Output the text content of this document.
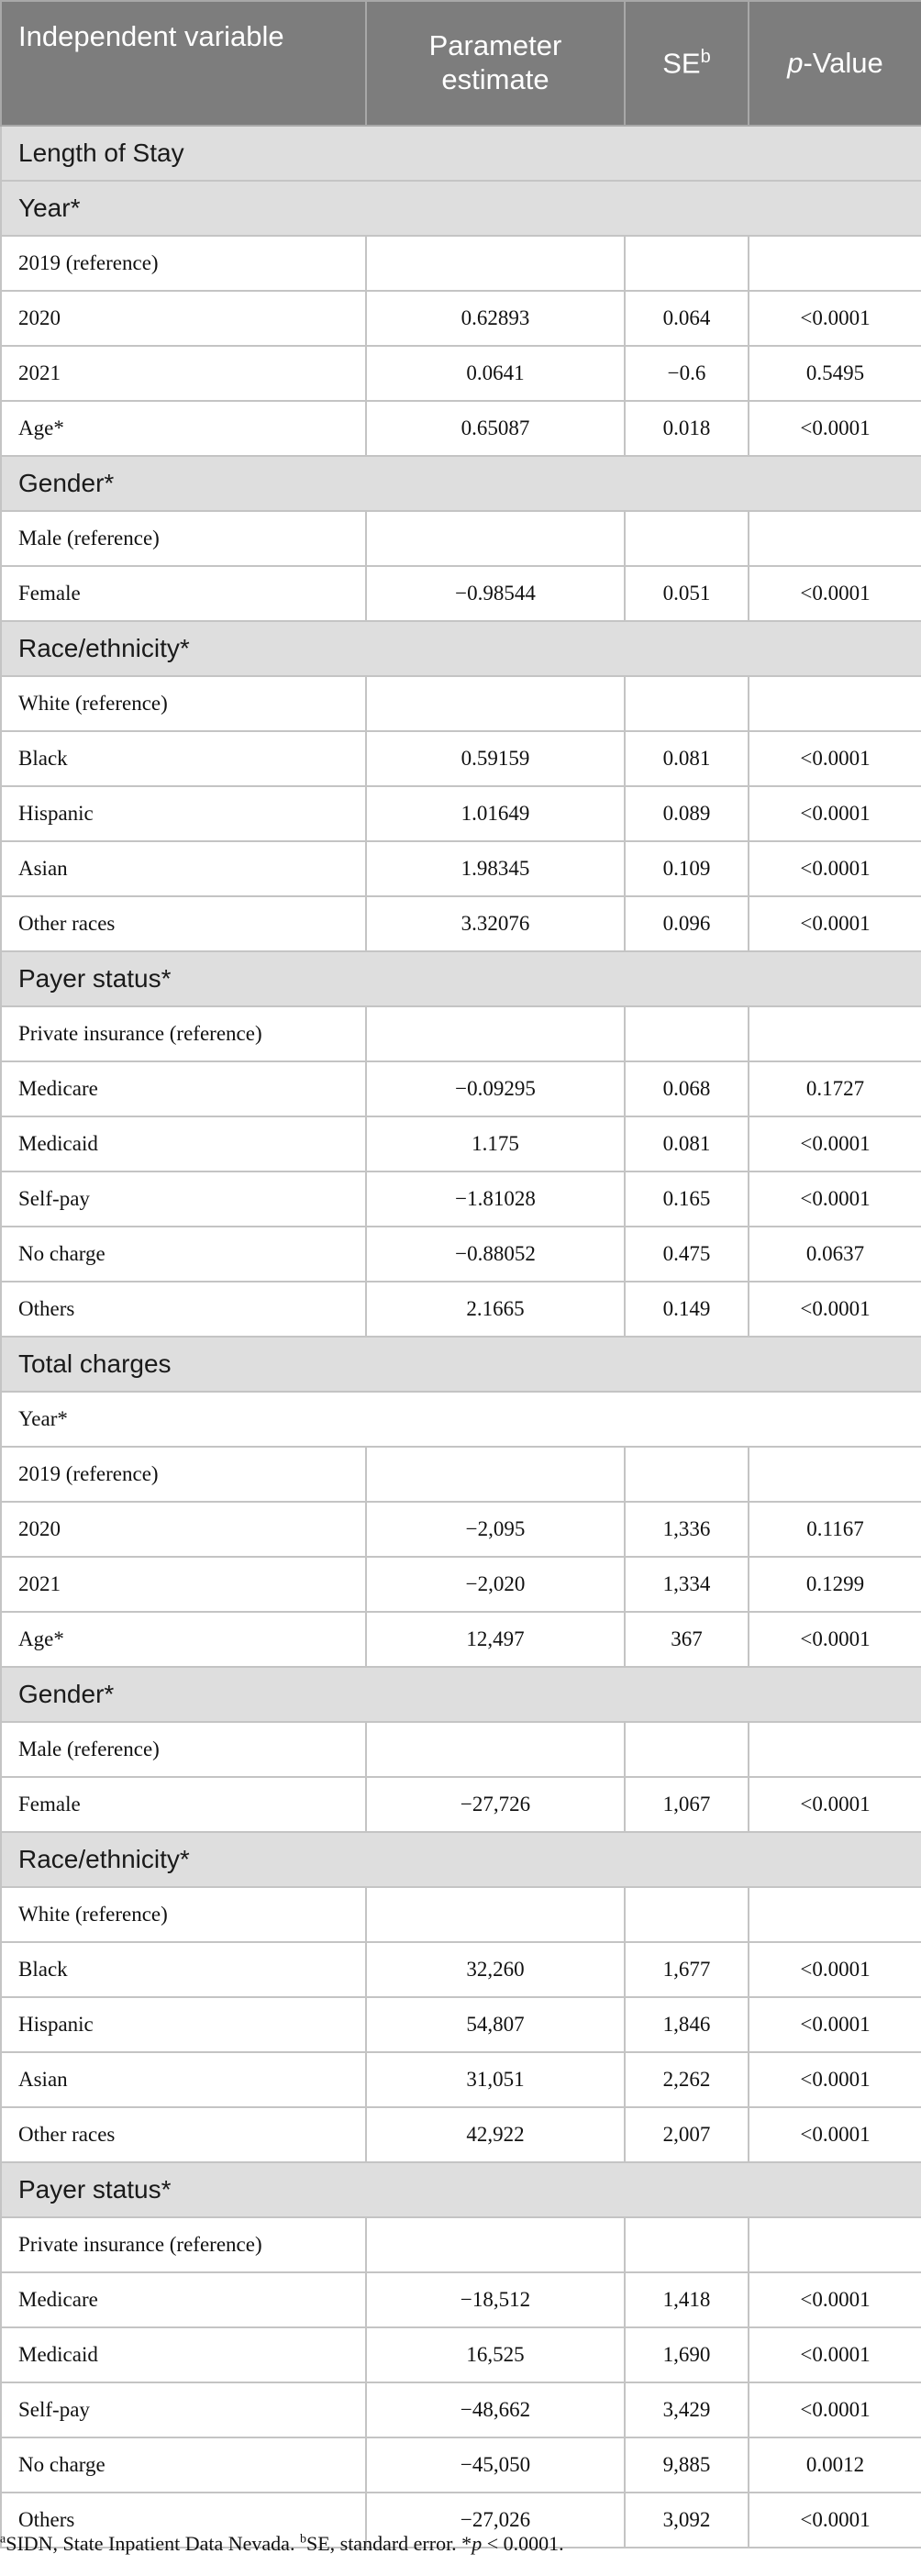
Independent variable	Parameter estimate	$SE^b$	p-Value
Length of Stay			
Year*			
2019 (reference)			
2020	0.62893	0.064	<0.0001
2021	0.0641	−0.6	0.5495
Age*	0.65087	0.018	<0.0001
Gender*			
Male (reference)			
Female	−0.98544	0.051	<0.0001
Race/ethnicity*			
White (reference)			
Black	0.59159	0.081	<0.0001
Hispanic	1.01649	0.089	<0.0001
Asian	1.98345	0.109	<0.0001
Other races	3.32076	0.096	<0.0001
Payer status*			
Private insurance (reference)			
Medicare	−0.09295	0.068	0.1727
Medicaid	1.175	0.081	<0.0001
Self-pay	−1.81028	0.165	<0.0001
No charge	−0.88052	0.475	0.0637
Others	2.1665	0.149	<0.0001
Total charges			
Year*			
2019 (reference)			
2020	−2,095	1,336	0.1167
2021	−2,020	1,334	0.1299
Age*	12,497	367	<0.0001
Gender*			
Male (reference)			
Female	−27,726	1,067	<0.0001
Race/ethnicity*			
White (reference)			
Black	32,260	1,677	<0.0001
Hispanic	54,807	1,846	<0.0001
Asian	31,051	2,262	<0.0001
Other races	42,922	2,007	<0.0001
Payer status*			
Private insurance (reference)			
Medicare	−18,512	1,418	<0.0001
Medicaid	16,525	1,690	<0.0001
Self-pay	−48,662	3,429	<0.0001
No charge	−45,050	9,885	0.0012
Others	−27,026	3,092	<0.0001
$^a$SIDN, State Inpatient Data Nevada. $^b$SE, standard error. *p < 0.0001.
